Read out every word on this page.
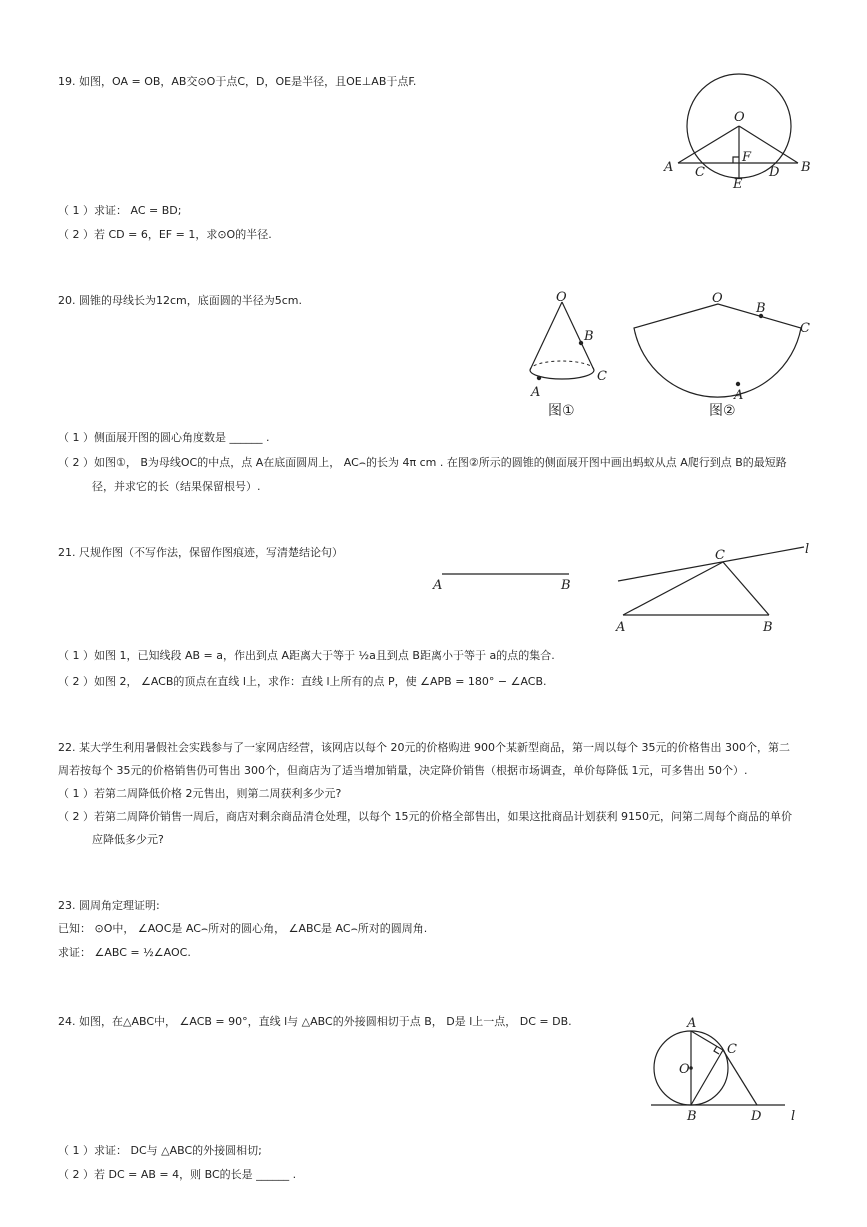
19. 如图，OA = OB，AB交⊙O于点C，D，OE是半径，且OE⊥AB于点F.
O
F
A C
E
D B
（ 1 ）求证： AC = BD;
（ 2 ）若 CD = 6，EF = 1，求⊙O的半径.
20. 圆锥的母线长为12cm，底面圆的半径为5cm.	O
B
A
C
图①
O
B
C
A
图②
（ 1 ）侧面展开图的圆心角度数是 ______ .
（ 2 ）如图①， B为母线OC的中点，点 A在底面圆周上， AC⌢的长为 4π cm . 在图②所示的圆锥的侧面展开图中画出蚂蚁从点 A爬行到点 B的最短路
径，并求它的长（结果保留根号）.
21. 尺规作图（不写作法，保留作图痕迹，写清楚结论句）
A	B
C	l
A	B
（ 1 ）如图 1，已知线段 AB = a，作出到点 A距离大于等于 ½a且到点 B距离小于等于 a的点的集合.
（ 2 ）如图 2， ∠ACB的顶点在直线 l上，求作：直线 l上所有的点 P，使 ∠APB = 180° − ∠ACB.
22. 某大学生利用暑假社会实践参与了一家网店经营，该网店以每个 20元的价格购进 900个某新型商品，第一周以每个 35元的价格售出 300个，第二
周若按每个 35元的价格销售仍可售出 300个，但商店为了适当增加销量，决定降价销售（根据市场调查，单价每降低 1元，可多售出 50个）.
（ 1 ）若第二周降低价格 2元售出，则第二周获利多少元?
（ 2 ）若第二周降价销售一周后，商店对剩余商品清仓处理，以每个 15元的价格全部售出，如果这批商品计划获利 9150元，问第二周每个商品的单价
应降低多少元?
23. 圆周角定理证明:
已知： ⊙O中， ∠AOC是 AC⌢所对的圆心角， ∠ABC是 AC⌢所对的圆周角.
求证： ∠ABC = ½∠AOC.
24. 如图，在△ABC中， ∠ACB = 90°，直线 l与 △ABC的外接圆相切于点 B， D是 l上一点， DC = DB.	A
C
O
B	D l
（ 1 ）求证： DC与 △ABC的外接圆相切;
（ 2 ）若 DC = AB = 4，则 BC的长是 ______ .
